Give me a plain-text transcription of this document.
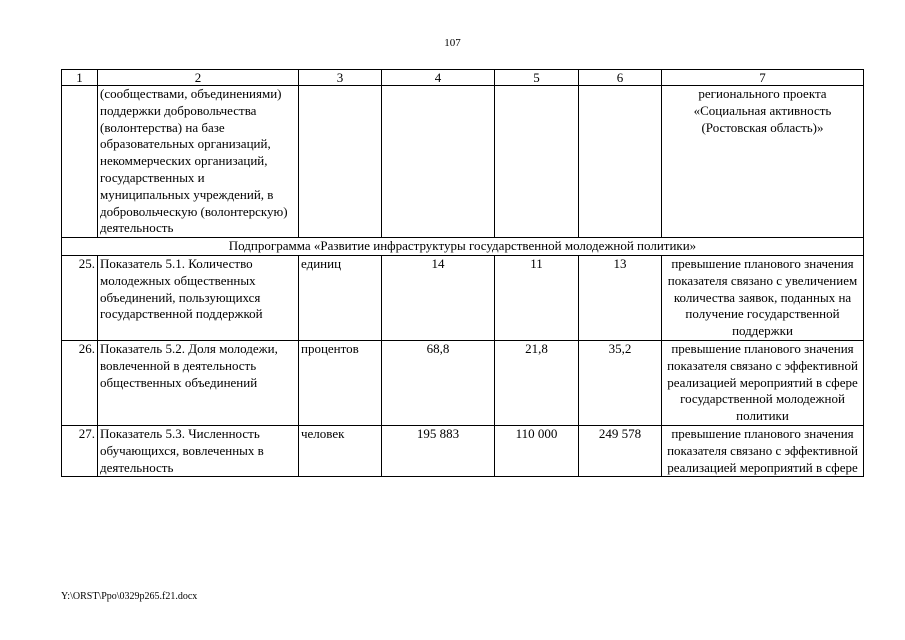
107
1	2	3	4	5	6	7
	(сообществами, объединениями) поддержки добровольчества (волонтерства) на базе образовательных организаций, некоммерческих организаций, государственных и муниципальных учреждений, в добровольческую (волонтерскую) деятельность					регионального проекта «Социальная активность (Ростовская область)»
Подпрограмма «Развитие инфраструктуры государственной молодежной политики»						
25.	Показатель 5.1. Количество молодежных общественных объединений, пользующихся государственной поддержкой	единиц	14	11	13	превышение планового значения показателя связано с увеличением количества заявок, поданных на получение государственной поддержки
26.	Показатель 5.2. Доля молодежи, вовлеченной в деятельность общественных объединений	процентов	68,8	21,8	35,2	превышение планового значения показателя связано с эффективной реализацией мероприятий в сфере государственной молодежной политики
27.	Показатель 5.3. Численность обучающихся, вовлеченных в деятельность	человек	195 883	110 000	249 578	превышение планового значения показателя связано с эффективной реализацией мероприятий в сфере
Y:\ORST\Ppo\0329p265.f21.docx
